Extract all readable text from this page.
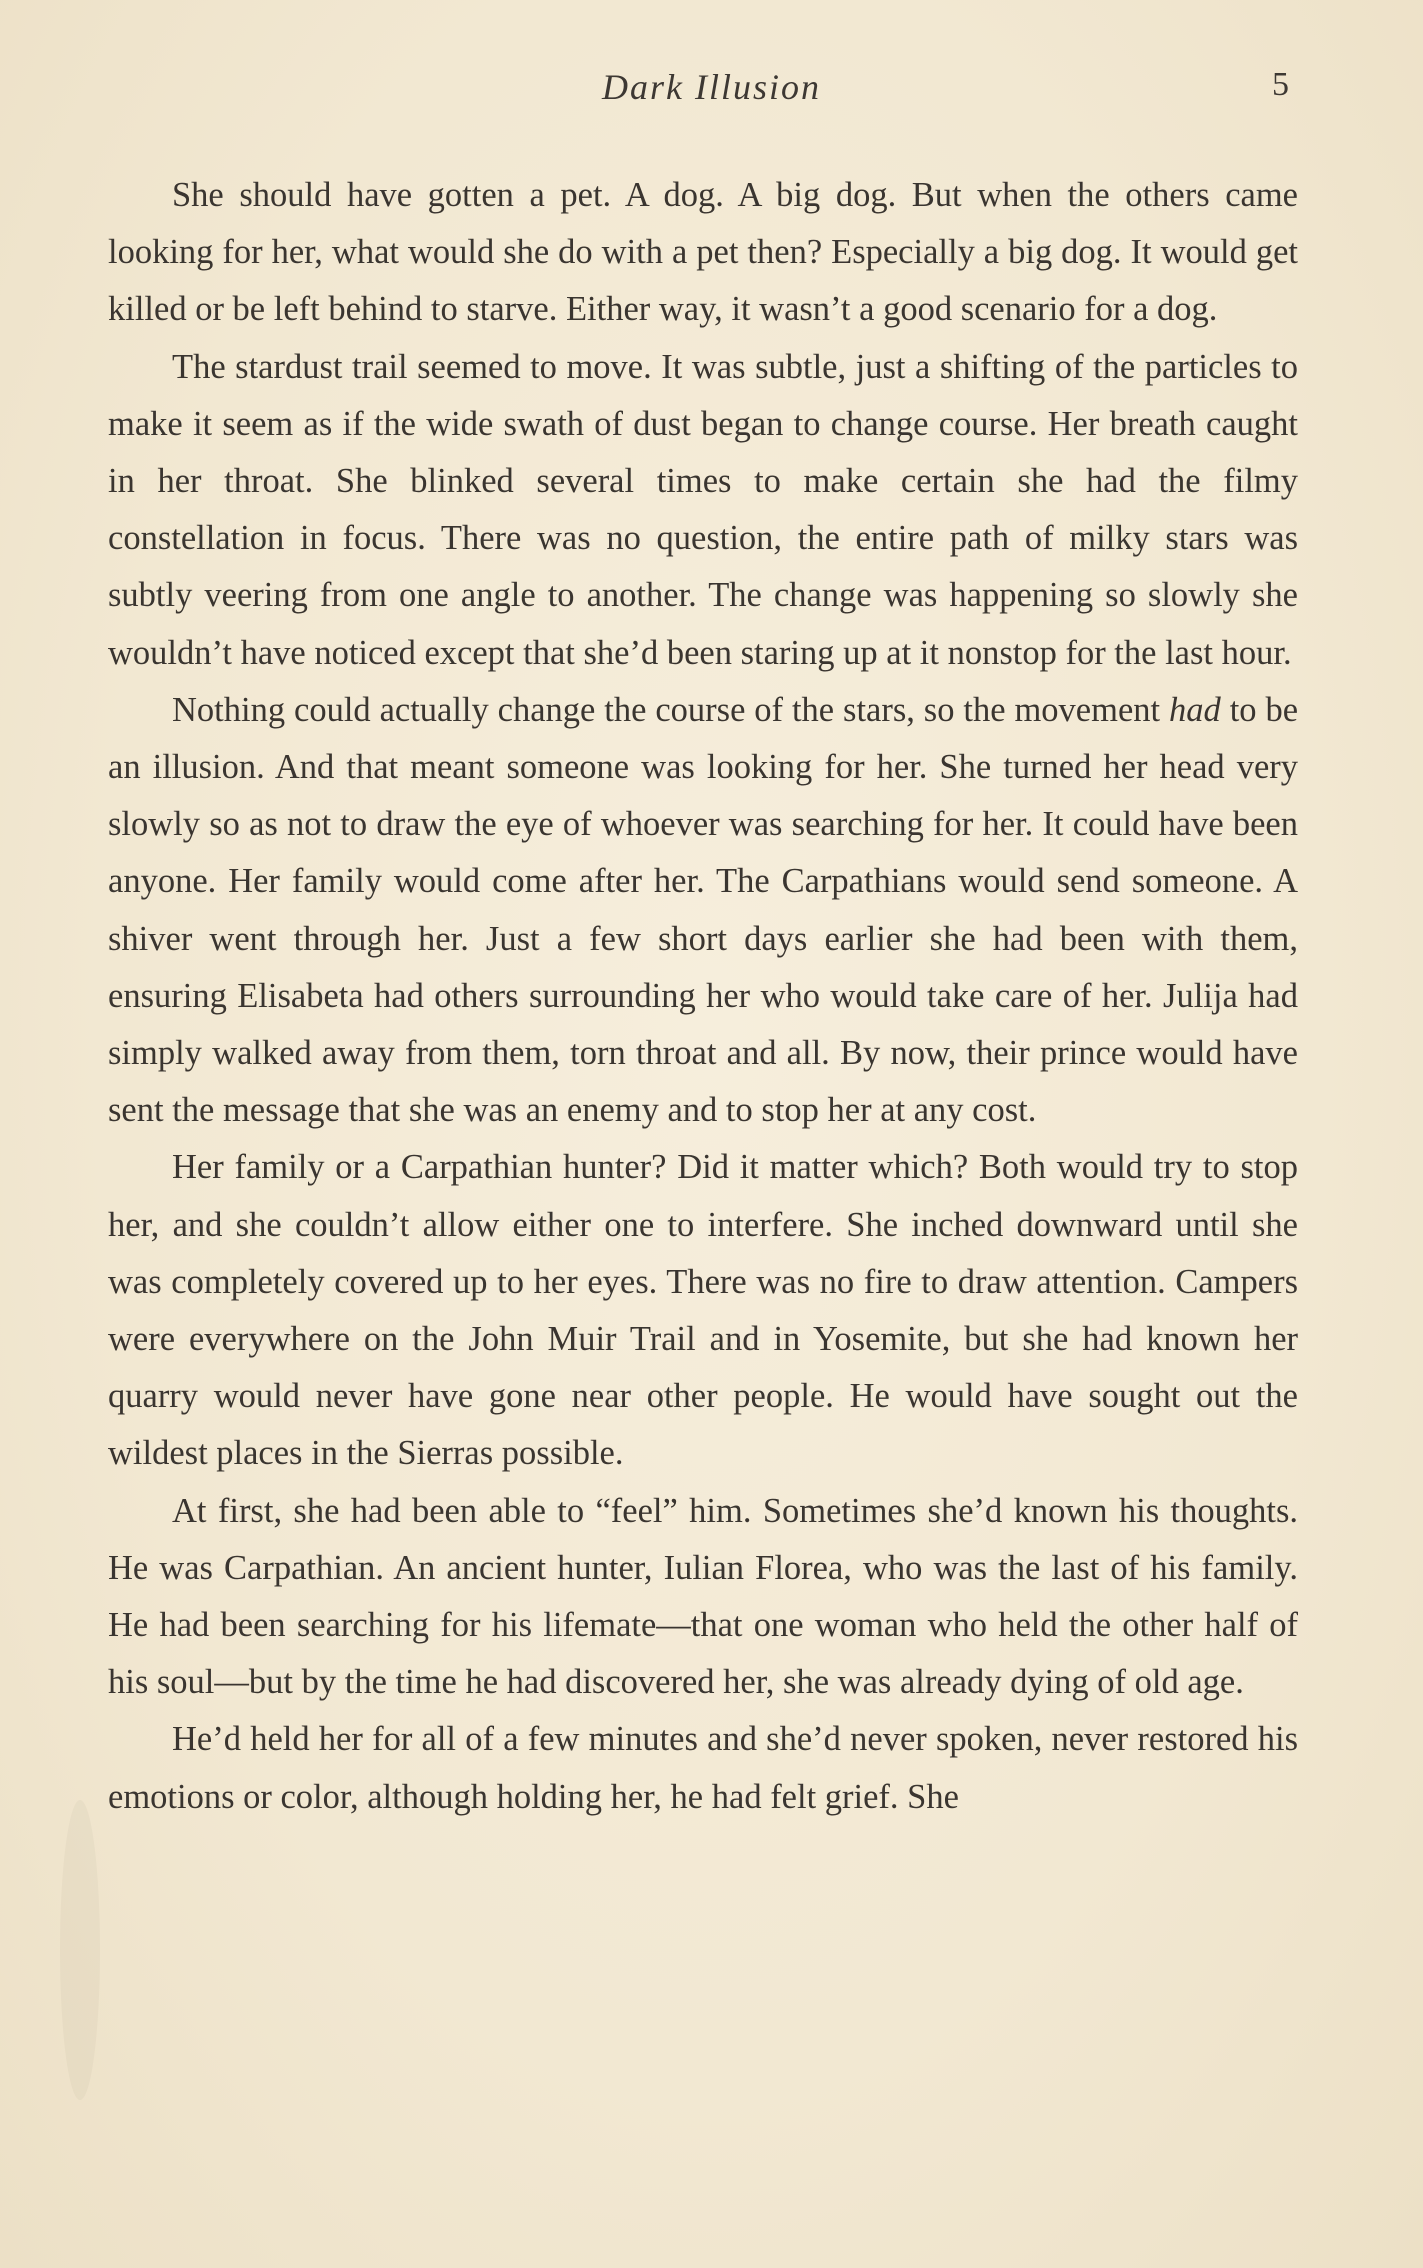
Dark Illusion	5

She should have gotten a pet. A dog. A big dog. But when the others came looking for her, what would she do with a pet then? Especially a big dog. It would get killed or be left behind to starve. Either way, it wasn’t a good scenario for a dog.

The stardust trail seemed to move. It was subtle, just a shifting of the particles to make it seem as if the wide swath of dust began to change course. Her breath caught in her throat. She blinked several times to make certain she had the filmy constellation in focus. There was no question, the entire path of milky stars was subtly veering from one angle to another. The change was happening so slowly she wouldn’t have noticed except that she’d been staring up at it nonstop for the last hour.

Nothing could actually change the course of the stars, so the movement had to be an illusion. And that meant someone was looking for her. She turned her head very slowly so as not to draw the eye of whoever was searching for her. It could have been anyone. Her family would come after her. The Carpathians would send someone. A shiver went through her. Just a few short days earlier she had been with them, ensuring Elisabeta had others surrounding her who would take care of her. Julija had simply walked away from them, torn throat and all. By now, their prince would have sent the message that she was an enemy and to stop her at any cost.

Her family or a Carpathian hunter? Did it matter which? Both would try to stop her, and she couldn’t allow either one to interfere. She inched downward until she was completely covered up to her eyes. There was no fire to draw attention. Campers were everywhere on the John Muir Trail and in Yosemite, but she had known her quarry would never have gone near other people. He would have sought out the wildest places in the Sierras possible.

At first, she had been able to “feel” him. Sometimes she’d known his thoughts. He was Carpathian. An ancient hunter, Iulian Florea, who was the last of his family. He had been searching for his lifemate—that one woman who held the other half of his soul—but by the time he had discovered her, she was already dying of old age.

He’d held her for all of a few minutes and she’d never spoken, never restored his emotions or color, although holding her, he had felt grief. She
